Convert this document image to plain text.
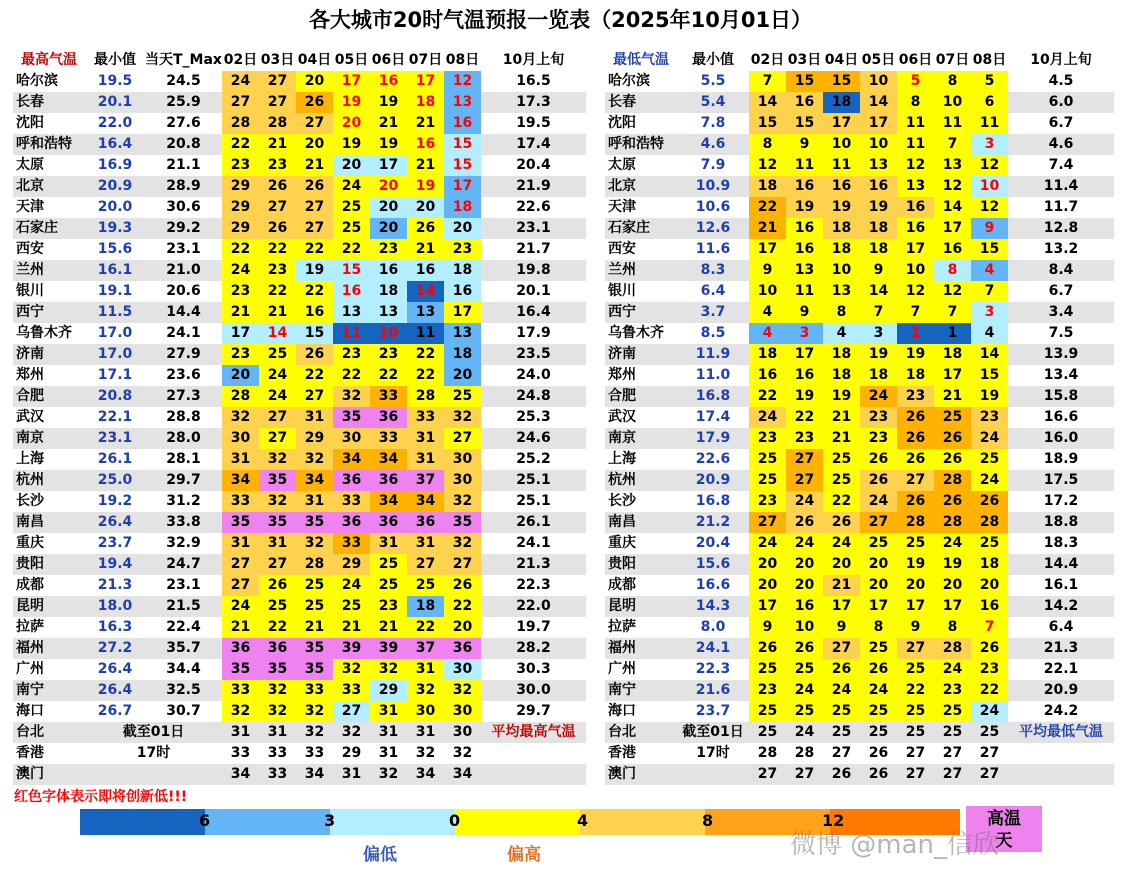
各大城市20时气温预报一览表（2025年10月01日）
最高气温	最小值	当天T_Max	02日	03日	04日	05日	06日	07日	08日	10月上旬
哈尔滨	19.5	24.5	24	27	20	17	16	17	12	16.5
长春	20.1	25.9	27	27	26	19	19	18	13	17.3
沈阳	22.0	27.6	28	28	27	20	21	21	16	19.5
呼和浩特	16.4	20.8	22	21	20	19	19	16	15	17.4
太原	16.9	21.1	23	23	21	20	17	21	15	20.4
北京	20.9	28.9	29	26	26	24	20	19	17	21.9
天津	20.0	30.6	29	27	27	25	20	20	18	22.6
石家庄	19.3	29.2	29	26	27	25	20	26	20	23.1
西安	15.6	23.1	22	22	22	22	23	21	23	21.7
兰州	16.1	21.0	24	23	19	15	16	16	18	19.8
银川	19.1	20.6	23	22	22	16	18	14	16	20.1
西宁	11.5	14.4	21	21	16	13	13	13	17	16.4
乌鲁木齐	17.0	24.1	17	14	15	11	10	11	13	17.9
济南	17.0	27.9	23	25	26	23	23	22	18	23.5
郑州	17.1	23.6	20	24	22	22	22	22	20	24.0
合肥	20.8	27.3	28	24	27	32	33	28	25	24.8
武汉	22.1	28.8	32	27	31	35	36	33	32	25.3
南京	23.1	28.0	30	27	29	30	33	31	27	24.6
上海	26.1	28.1	31	32	32	34	34	31	30	25.2
杭州	25.0	29.7	34	35	34	36	36	37	30	25.1
长沙	19.2	31.2	33	32	31	33	34	34	32	25.1
南昌	26.4	33.8	35	35	35	36	36	36	35	26.1
重庆	23.7	32.9	31	31	32	33	31	31	32	24.1
贵阳	19.4	24.7	27	27	28	29	25	27	27	21.3
成都	21.3	23.1	27	26	25	24	25	25	26	22.3
昆明	18.0	21.5	24	25	25	25	23	18	22	22.0
拉萨	16.3	22.4	21	22	21	21	21	22	20	19.7
福州	27.2	35.7	36	36	35	39	39	37	36	28.2
广州	26.4	34.4	35	35	35	32	32	31	30	30.3
南宁	26.4	32.5	33	32	33	33	29	32	32	30.0
海口	26.7	30.7	32	32	32	27	31	30	30	29.7
台北	截至01日		31	31	32	32	31	31	30	平均最高气温
香港	17时		33	33	33	29	31	32	32	
澳门			34	33	34	31	32	34	34	
最低气温	最小值	02日	03日	04日	05日	06日	07日	08日	10月上旬
哈尔滨	5.5	7	15	15	10	5	8	5	4.5
长春	5.4	14	16	18	14	8	10	6	6.0
沈阳	7.8	15	15	17	17	11	11	11	6.7
呼和浩特	4.6	8	9	10	10	11	7	3	4.6
太原	7.9	12	11	11	13	12	13	12	7.4
北京	10.9	18	16	16	16	13	12	10	11.4
天津	10.6	22	19	19	19	16	14	12	11.7
石家庄	12.6	21	16	18	18	16	17	9	12.8
西安	11.6	17	16	18	18	17	16	15	13.2
兰州	8.3	9	13	10	9	10	8	4	8.4
银川	6.4	10	11	13	14	12	12	7	6.7
西宁	3.7	4	9	8	7	7	7	3	3.4
乌鲁木齐	8.5	4	3	4	3	1	1	4	7.5
济南	11.9	18	17	18	19	19	18	14	13.9
郑州	11.0	16	16	18	18	18	17	15	13.4
合肥	16.8	22	19	19	24	23	21	19	15.8
武汉	17.4	24	22	21	23	26	25	23	16.6
南京	17.9	23	23	21	23	26	26	24	16.0
上海	22.6	25	27	25	26	26	26	25	18.9
杭州	20.9	25	27	25	26	27	28	24	17.5
长沙	16.8	23	24	22	24	26	26	26	17.2
南昌	21.2	27	26	26	27	28	28	28	18.8
重庆	20.4	24	24	24	25	25	24	25	18.3
贵阳	15.6	20	20	20	20	19	19	18	14.4
成都	16.6	20	20	21	20	20	20	20	16.1
昆明	14.3	17	16	17	17	17	17	16	14.2
拉萨	8.0	9	10	9	8	9	8	7	6.4
福州	24.1	26	26	27	25	27	28	26	21.3
广州	22.3	25	25	26	26	25	24	23	22.1
南宁	21.6	23	24	24	24	22	23	22	20.9
海口	23.7	25	25	25	25	25	25	24	24.2
台北	截至01日	25	24	25	25	25	25	25	平均最低气温
香港	17时	28	28	27	26	27	27	27	
澳门		27	27	26	26	27	27	27	
红色字体表示即将创新低!!!
6	3	0	4	8	12	高温
天
偏低	偏高	微博 @man_信欣
